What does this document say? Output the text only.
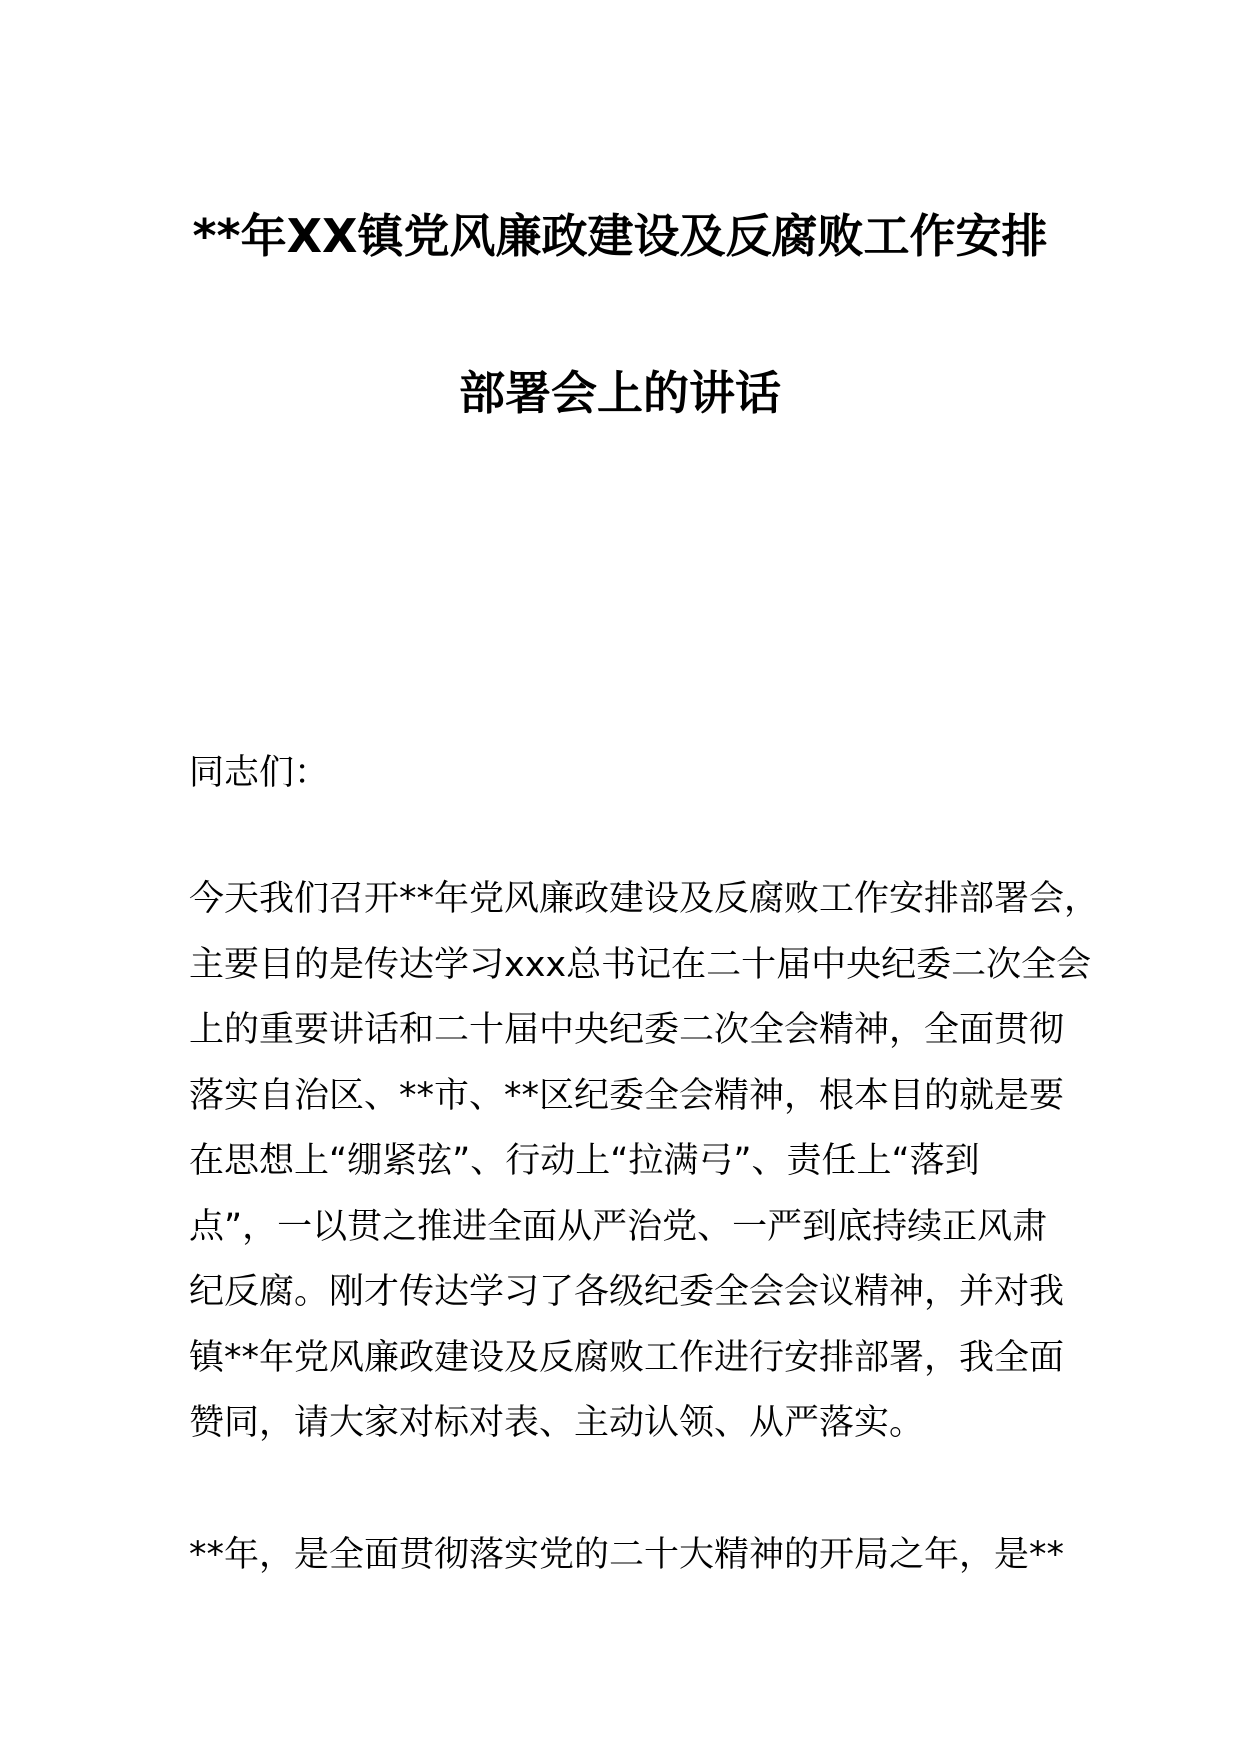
**年XX镇党风廉政建设及反腐败工作安排
部署会上的讲话
同志们：
今天我们召开**年党风廉政建设及反腐败工作安排部署会，
主要目的是传达学习xxx总书记在二十届中央纪委二次全会
上的重要讲话和二十届中央纪委二次全会精神，全面贯彻
落实自治区、**市、**区纪委全会精神，根本目的就是要
在思想上“绷紧弦”、行动上“拉满弓”、责任上“落到
点”，一以贯之推进全面从严治党、一严到底持续正风肃
纪反腐。刚才传达学习了各级纪委全会会议精神，并对我
镇**年党风廉政建设及反腐败工作进行安排部署，我全面
赞同，请大家对标对表、主动认领、从严落实。
**年，是全面贯彻落实党的二十大精神的开局之年，是**
